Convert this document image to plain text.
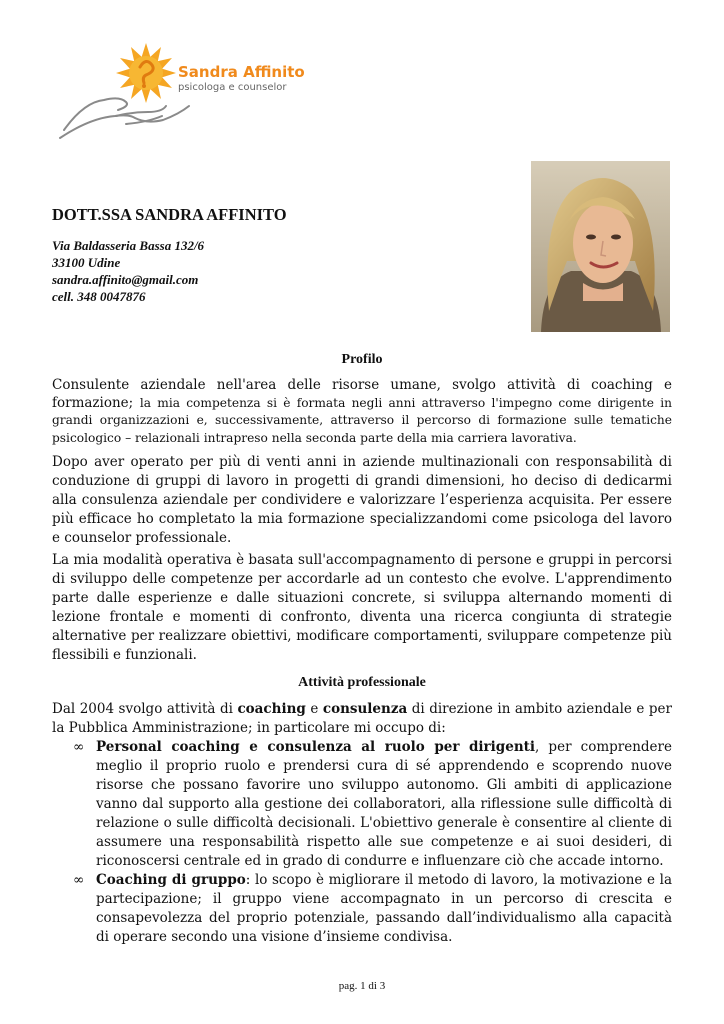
Sandra Affinito
psicologa e counselor
DOTT.SSA SANDRA AFFINITO
Via Baldasseria Bassa 132/6
33100 Udine
sandra.affinito@gmail.com
cell. 348 0047876
Profilo

Consulente aziendale nell'area delle risorse umane, svolgo attività di coaching e formazione; la mia competenza si è formata negli anni attraverso l'impegno come dirigente in grandi organizzazioni e, successivamente, attraverso il percorso di formazione sulle tematiche psicologico – relazionali intrapreso nella seconda parte della mia carriera lavorativa.

Dopo aver operato per più di venti anni in aziende multinazionali con responsabilità di conduzione di gruppi di lavoro in progetti di grandi dimensioni, ho deciso di dedicarmi alla consulenza aziendale per condividere e valorizzare l’esperienza acquisita. Per essere più efficace ho completato la mia formazione specializzandomi come psicologa del lavoro e counselor professionale.

La mia modalità operativa è basata sull'accompagnamento di persone e gruppi in percorsi di sviluppo delle competenze per accordarle ad un contesto che evolve. L'apprendimento parte dalle esperienze e dalle situazioni concrete, si sviluppa alternando momenti di lezione frontale e momenti di confronto, diventa una ricerca congiunta di strategie alternative per realizzare obiettivi, modificare comportamenti, sviluppare competenze più flessibili e funzionali.

Attività professionale

Dal 2004 svolgo attività di coaching e consulenza di direzione in ambito aziendale e per la Pubblica Amministrazione; in particolare mi occupo di:

∞ Personal coaching e consulenza al ruolo per dirigenti, per comprendere meglio il proprio ruolo e prendersi cura di sé apprendendo e scoprendo nuove risorse che possano favorire uno sviluppo autonomo. Gli ambiti di applicazione vanno dal supporto alla gestione dei collaboratori, alla riflessione sulle difficoltà di relazione o sulle difficoltà decisionali. L'obiettivo generale è consentire al cliente di assumere una responsabilità rispetto alle sue competenze e ai suoi desideri, di riconoscersi centrale ed in grado di condurre e influenzare ciò che accade intorno.
∞ Coaching di gruppo: lo scopo è migliorare il metodo di lavoro, la motivazione e la partecipazione; il gruppo viene accompagnato in un percorso di crescita e consapevolezza del proprio potenziale, passando dall’individualismo alla capacità di operare secondo una visione d’insieme condivisa.
pag. 1 di 3
